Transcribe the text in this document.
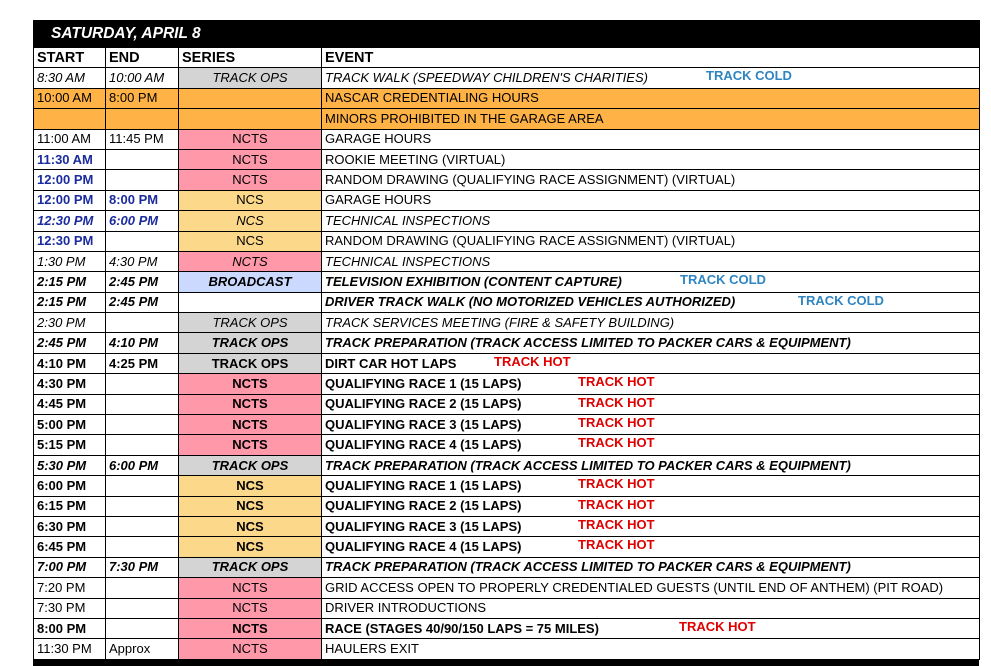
SATURDAY, APRIL 8			
START	END	SERIES	EVENT
8:30 AM	10:00 AM	TRACK OPS	TRACK WALK (SPEEDWAY CHILDREN'S CHARITIES) TRACK COLD

10:00 AM	8:00 PM		NASCAR CREDENTIALING HOURS
			MINORS PROHIBITED IN THE GARAGE AREA
11:00 AM	11:45 PM	NCTS	GARAGE HOURS
11:30 AM		NCTS	ROOKIE MEETING (VIRTUAL)
12:00 PM		NCTS	RANDOM DRAWING (QUALIFYING RACE ASSIGNMENT) (VIRTUAL)
12:00 PM	8:00 PM	NCS	GARAGE HOURS
12:30 PM	6:00 PM	NCS	TECHNICAL INSPECTIONS
12:30 PM		NCS	RANDOM DRAWING (QUALIFYING RACE ASSIGNMENT) (VIRTUAL)
1:30 PM	4:30 PM	NCTS	TECHNICAL INSPECTIONS
2:15 PM	2:45 PM	BROADCAST	TELEVISION EXHIBITION (CONTENT CAPTURE) TRACK COLD

2:15 PM	2:45 PM		DRIVER TRACK WALK (NO MOTORIZED VEHICLES AUTHORIZED) TRACK COLD

2:30 PM		TRACK OPS	TRACK SERVICES MEETING (FIRE & SAFETY BUILDING)
2:45 PM	4:10 PM	TRACK OPS	TRACK PREPARATION (TRACK ACCESS LIMITED TO PACKER CARS & EQUIPMENT)
4:10 PM	4:25 PM	TRACK OPS	DIRT CAR HOT LAPS TRACK HOT

4:30 PM		NCTS	QUALIFYING RACE 1 (15 LAPS) TRACK HOT

4:45 PM		NCTS	QUALIFYING RACE 2 (15 LAPS) TRACK HOT

5:00 PM		NCTS	QUALIFYING RACE 3 (15 LAPS) TRACK HOT

5:15 PM		NCTS	QUALIFYING RACE 4 (15 LAPS) TRACK HOT

5:30 PM	6:00 PM	TRACK OPS	TRACK PREPARATION (TRACK ACCESS LIMITED TO PACKER CARS & EQUIPMENT)
6:00 PM		NCS	QUALIFYING RACE 1 (15 LAPS) TRACK HOT

6:15 PM		NCS	QUALIFYING RACE 2 (15 LAPS) TRACK HOT

6:30 PM		NCS	QUALIFYING RACE 3 (15 LAPS) TRACK HOT

6:45 PM		NCS	QUALIFYING RACE 4 (15 LAPS) TRACK HOT

7:00 PM	7:30 PM	TRACK OPS	TRACK PREPARATION (TRACK ACCESS LIMITED TO PACKER CARS & EQUIPMENT)
7:20 PM		NCTS	GRID ACCESS OPEN TO PROPERLY CREDENTIALED GUESTS (UNTIL END OF ANTHEM) (PIT ROAD)
7:30 PM		NCTS	DRIVER INTRODUCTIONS
8:00 PM		NCTS	RACE (STAGES 40/90/150 LAPS = 75 MILES) TRACK HOT

11:30 PM	Approx	NCTS	HAULERS EXIT
